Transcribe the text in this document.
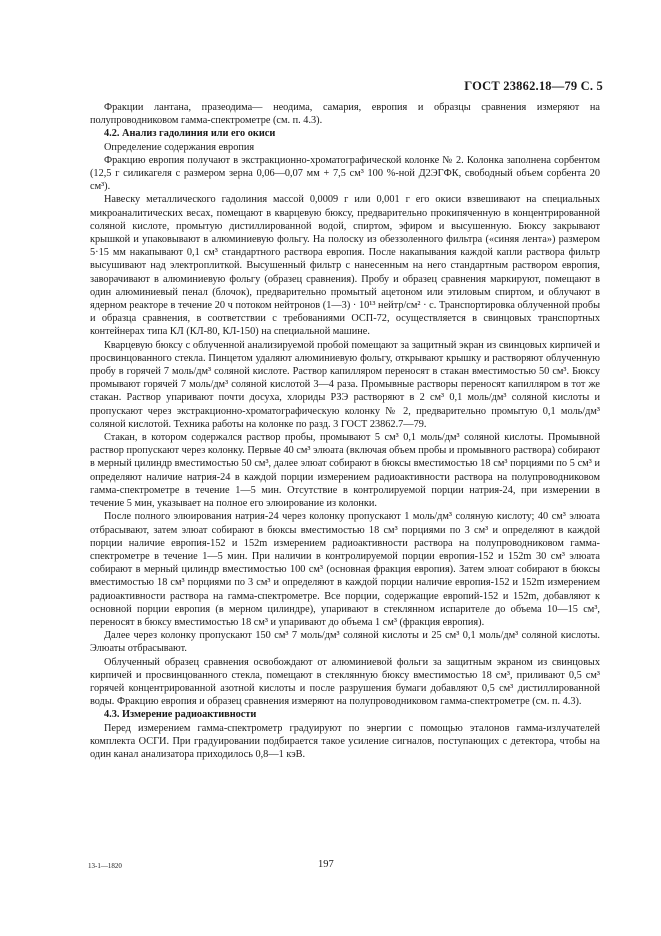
ГОСТ 23862.18—79 С. 5

Фракции лантана, празеодима— неодима, самария, европия и образцы сравнения измеряют на полупроводниковом гамма-спектрометре (см. п. 4.3).

4.2. Анализ гадолиния или его окиси

Определение содержания европия

Фракцию европия получают в экстракционно-хроматографической колонке № 2. Колонка заполнена сорбентом (12,5 г силикагеля с размером зерна 0,06—0,07 мм + 7,5 см³ 100 %-ной Д2ЭГФК, свободный объем сорбента 20 см³).

Навеску металлического гадолиния массой 0,0009 г или 0,001 г его окиси взвешивают на специальных микроаналитических весах, помещают в кварцевую бюксу, предварительно прокипяченную в концентрированной соляной кислоте, промытую дистиллированной водой, спиртом, эфиром и высушенную. Бюксу закрывают крышкой и упаковывают в алюминиевую фольгу. На полоску из обеззоленного фильтра («синяя лента») размером 5·15 мм накапывают 0,1 см³ стандартного раствора европия. После накапывания каждой капли раствора фильтр высушивают над электроплиткой. Высушенный фильтр с нанесенным на него стандартным раствором европия, заворачивают в алюминиевую фольгу (образец сравнения). Пробу и образец сравнения маркируют, помещают в один алюминиевый пенал (блочок), предварительно промытый ацетоном или этиловым спиртом, и облучают в ядерном реакторе в течение 20 ч потоком нейтронов (1—3) · 10¹³ нейтр/см² · с. Транспортировка облученной пробы и образца сравнения, в соответствии с требованиями ОСП-72, осуществляется в свинцовых транспортных контейнерах типа КЛ (КЛ-80, КЛ-150) на специальной машине.

Кварцевую бюксу с облученной анализируемой пробой помещают за защитный экран из свинцовых кирпичей и просвинцованного стекла. Пинцетом удаляют алюминиевую фольгу, открывают крышку и растворяют облученную пробу в горячей 7 моль/дм³ соляной кислоте. Раствор капилляром переносят в стакан вместимостью 50 см³. Бюксу промывают горячей 7 моль/дм³ соляной кислотой 3—4 раза. Промывные растворы переносят капилляром в тот же стакан. Раствор упаривают почти досуха, хлориды РЗЭ растворяют в 2 см³ 0,1 моль/дм³ соляной кислоты и пропускают через экстракционно-хроматографическую колонку № 2, предварительно промытую 0,1 моль/дм³ соляной кислотой. Техника работы на колонке по разд. 3 ГОСТ 23862.7—79.

Стакан, в котором содержался раствор пробы, промывают 5 см³ 0,1 моль/дм³ соляной кислоты. Промывной раствор пропускают через колонку. Первые 40 см³ элюата (включая объем пробы и промывного раствора) собирают в мерный цилиндр вместимостью 50 см³, далее элюат собирают в бюксы вместимостью 18 см³ порциями по 5 см³ и определяют наличие натрия-24 в каждой порции измерением радиоактивности раствора на полупроводниковом гамма-спектрометре в течение 1—5 мин. Отсутствие в контролируемой порции натрия-24, при измерении в течение 5 мин, указывает на полное его элюирование из колонки.

После полного элюирования натрия-24 через колонку пропускают 1 моль/дм³ соляную кислоту; 40 см³ элюата отбрасывают, затем элюат собирают в бюксы вместимостью 18 см³ порциями по 3 см³ и определяют в каждой порции наличие европия-152 и 152m измерением радиоактивности раствора на полупроводниковом гамма-спектрометре в течение 1—5 мин. При наличии в контролируемой порции европия-152 и 152m 30 см³ элюата собирают в мерный цилиндр вместимостью 100 см³ (основная фракция европия). Затем элюат собирают в бюксы вместимостью 18 см³ порциями по 3 см³ и определяют в каждой порции наличие европия-152 и 152m измерением радиоактивности раствора на гамма-спектрометре. Все порции, содержащие европий-152 и 152m, добавляют к основной порции европия (в мерном цилиндре), упаривают в стеклянном испарителе до объема 10—15 см³, переносят в бюксу вместимостью 18 см³ и упаривают до объема 1 см³ (фракция европия).

Далее через колонку пропускают 150 см³ 7 моль/дм³ соляной кислоты и 25 см³ 0,1 моль/дм³ соляной кислоты. Элюаты отбрасывают.

Облученный образец сравнения освобождают от алюминиевой фольги за защитным экраном из свинцовых кирпичей и просвинцованного стекла, помещают в стеклянную бюксу вместимостью 18 см³, приливают 0,5 см³ горячей концентрированной азотной кислоты и после разрушения бумаги добавляют 0,5 см³ дистиллированной воды. Фракцию европия и образец сравнения измеряют на полупроводниковом гамма-спектрометре (см. п. 4.3).

4.3. Измерение радиоактивности

Перед измерением гамма-спектрометр градуируют по энергии с помощью эталонов гамма-излучателей комплекта ОСГИ. При градуировании подбирается такое усиление сигналов, поступающих с детектора, чтобы на один канал анализатора приходилось 0,8—1 кэВ.

13-1—1820	197
